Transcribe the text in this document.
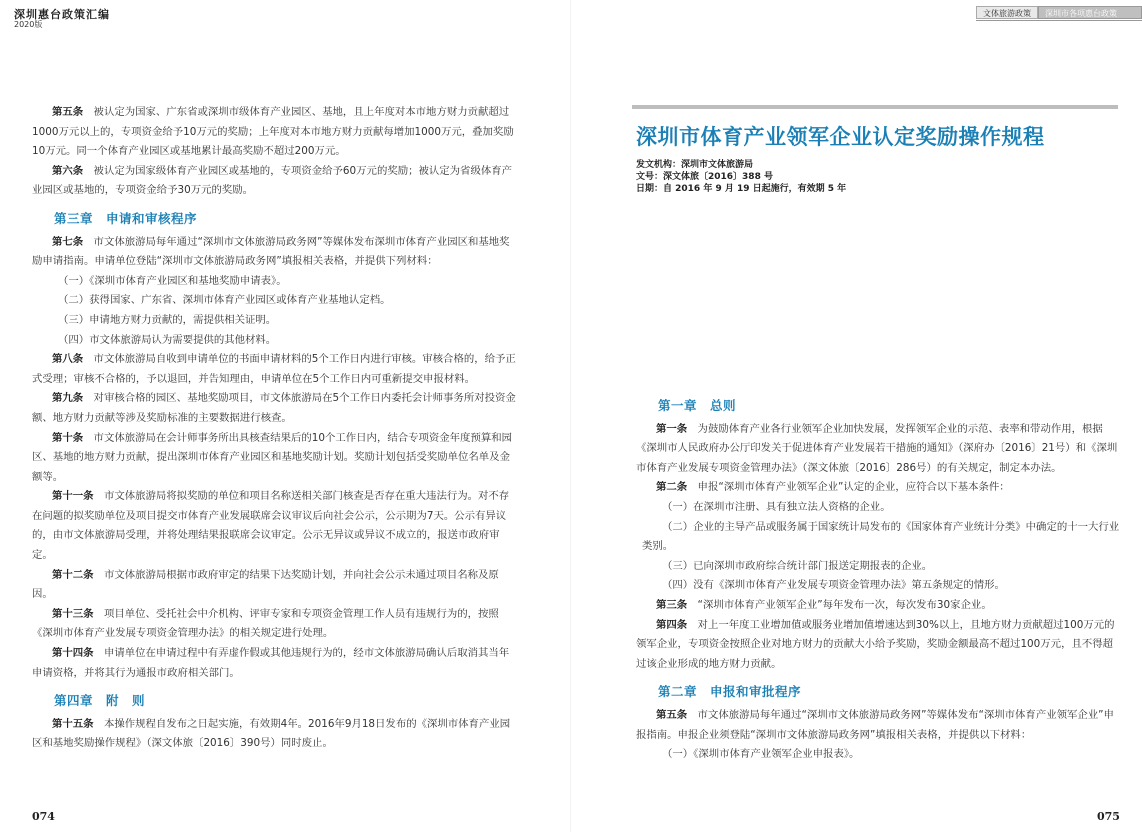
深圳惠台政策汇编
2020版
文体旅游政策	深圳市各项惠台政策

第五条　被认定为国家、广东省或深圳市级体育产业园区、基地，且上年度对本市地方财力贡献超过1000万元以上的，专项资金给予10万元的奖励；上年度对本市地方财力贡献每增加1000万元，叠加奖励10万元。同一个体育产业园区或基地累计最高奖励不超过200万元。

第六条　被认定为国家级体育产业园区或基地的，专项资金给予60万元的奖励；被认定为省级体育产业园区或基地的，专项资金给予30万元的奖励。

第三章　申请和审核程序

第七条　市文体旅游局每年通过“深圳市文体旅游局政务网”等媒体发布深圳市体育产业园区和基地奖励申请指南。申请单位登陆“深圳市文体旅游局政务网”填报相关表格，并提供下列材料：

（一）《深圳市体育产业园区和基地奖励申请表》。

（二）获得国家、广东省、深圳市体育产业园区或体育产业基地认定档。

（三）申请地方财力贡献的，需提供相关证明。

（四）市文体旅游局认为需要提供的其他材料。

第八条　市文体旅游局自收到申请单位的书面申请材料的5个工作日内进行审核。审核合格的，给予正式受理；审核不合格的，予以退回，并告知理由，申请单位在5个工作日内可重新提交申报材料。

第九条　对审核合格的园区、基地奖励项目，市文体旅游局在5个工作日内委托会计师事务所对投资金额、地方财力贡献等涉及奖励标准的主要数据进行核查。

第十条　市文体旅游局在会计师事务所出具核查结果后的10个工作日内，结合专项资金年度预算和园区、基地的地方财力贡献，提出深圳市体育产业园区和基地奖励计划。奖励计划包括受奖励单位名单及金额等。

第十一条　市文体旅游局将拟奖励的单位和项目名称送相关部门核查是否存在重大违法行为。对不存在问题的拟奖励单位及项目提交市体育产业发展联席会议审议后向社会公示，公示期为7天。公示有异议的，由市文体旅游局受理，并将处理结果报联席会议审定。公示无异议或异议不成立的，报送市政府审定。

第十二条　市文体旅游局根据市政府审定的结果下达奖励计划，并向社会公示未通过项目名称及原因。

第十三条　项目单位、受托社会中介机构、评审专家和专项资金管理工作人员有违规行为的，按照《深圳市体育产业发展专项资金管理办法》的相关规定进行处理。

第十四条　申请单位在申请过程中有弄虚作假或其他违规行为的，经市文体旅游局确认后取消其当年申请资格，并将其行为通报市政府相关部门。

第四章　附　则

第十五条　本操作规程自发布之日起实施，有效期4年。2016年9月18日发布的《深圳市体育产业园区和基地奖励操作规程》（深文体旅〔2016〕390号）同时废止。

深圳市体育产业领军企业认定奖励操作规程
发文机构：深圳市文体旅游局
文号：深文体旅〔2016〕388 号
日期：自 2016 年 9 月 19 日起施行，有效期 5 年

第一章　总则

第一条　为鼓励体育产业各行业领军企业加快发展，发挥领军企业的示范、表率和带动作用，根据《深圳市人民政府办公厅印发关于促进体育产业发展若干措施的通知》（深府办〔2016〕21号）和《深圳市体育产业发展专项资金管理办法》（深文体旅〔2016〕286号）的有关规定，制定本办法。

第二条　申报“深圳市体育产业领军企业”认定的企业，应符合以下基本条件：

（一）在深圳市注册、具有独立法人资格的企业。

（二）企业的主导产品或服务属于国家统计局发布的《国家体育产业统计分类》中确定的十一大行业类别。

（三）已向深圳市政府综合统计部门报送定期报表的企业。

（四）没有《深圳市体育产业发展专项资金管理办法》第五条规定的情形。

第三条　“深圳市体育产业领军企业”每年发布一次，每次发布30家企业。

第四条　对上一年度工业增加值或服务业增加值增速达到30%以上，且地方财力贡献超过100万元的领军企业，专项资金按照企业对地方财力的贡献大小给予奖励，奖励金额最高不超过100万元，且不得超过该企业形成的地方财力贡献。

第二章　申报和审批程序

第五条　市文体旅游局每年通过“深圳市文体旅游局政务网”等媒体发布“深圳市体育产业领军企业”申报指南。申报企业须登陆“深圳市文体旅游局政务网”填报相关表格，并提供以下材料：

（一）《深圳市体育产业领军企业申报表》。

074	075
